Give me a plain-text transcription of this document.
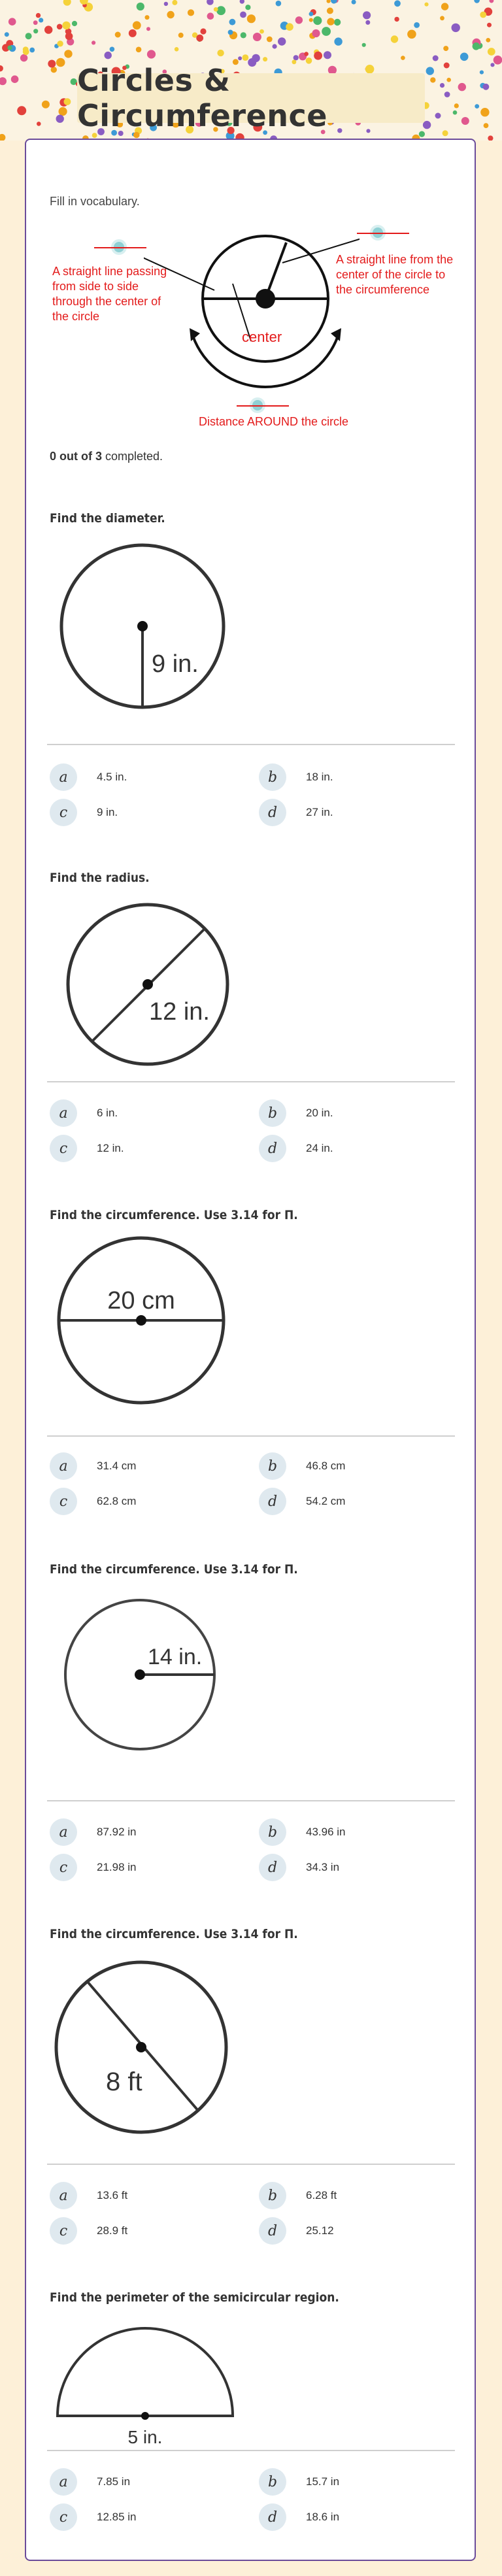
Circles & Circumference
Fill in vocabulary.
A straight line passing from side to side through the center of the circle
A straight line from the center of the circle to the circumference
center
Distance AROUND the circle
0 out of 3 completed.
Find the diameter.
9 in.
a	4.5 in.	b	18 in.
c	9 in.	d	27 in.
Find the radius.
12 in.
a	6 in.	b	20 in.
c	12 in.	d	24 in.
Find the circumference. Use 3.14 for Π.
20 cm
a	31.4 cm	b	46.8 cm
c	62.8 cm	d	54.2 cm
Find the circumference. Use 3.14 for Π.
14 in.
a	87.92 in	b	43.96 in
c	21.98 in	d	34.3 in
Find the circumference. Use 3.14 for Π.
8 ft
a	13.6 ft	b	6.28 ft
c	28.9 ft	d	25.12
Find the perimeter of the semicircular region.
5 in.
a	7.85 in	b	15.7 in
c	12.85 in	d	18.6 in
